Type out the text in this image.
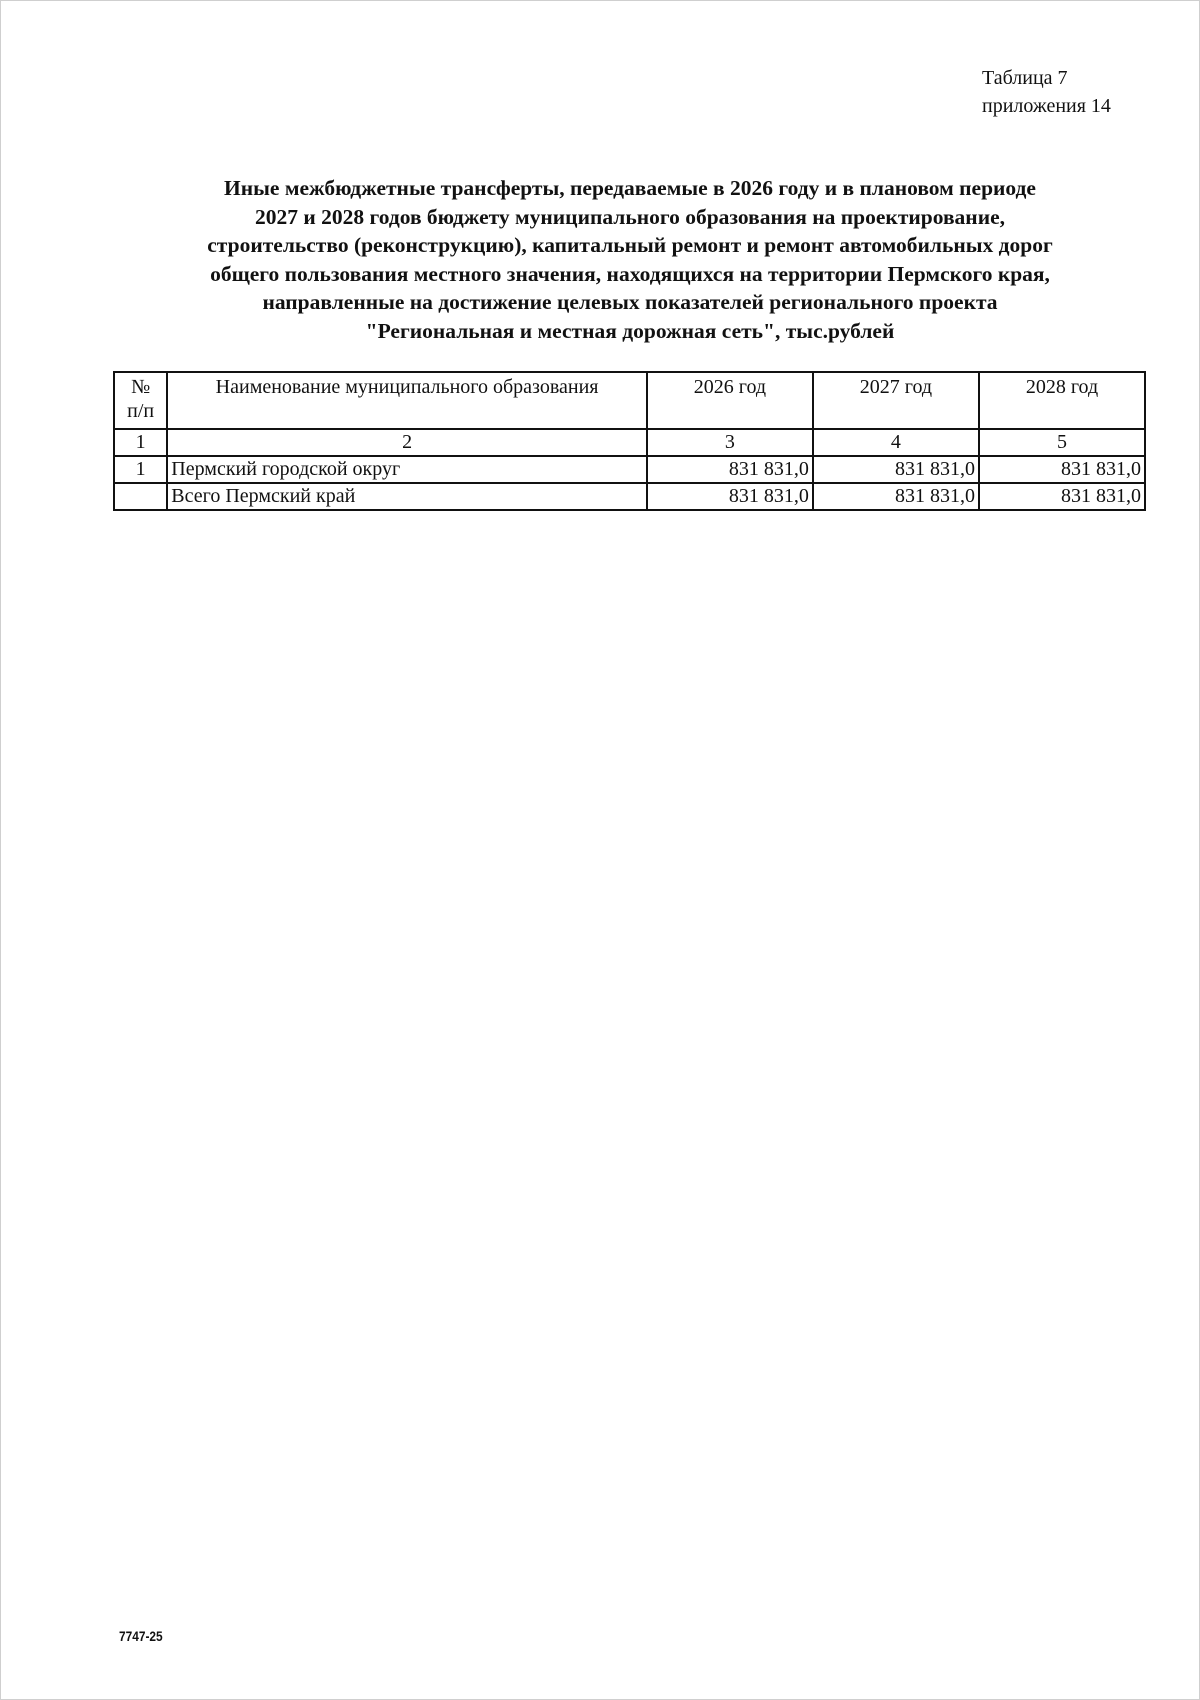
Таблица 7
приложения 14
Иные межбюджетные трансферты, передаваемые в 2026 году и в плановом периоде
2027 и 2028 годов бюджету муниципального образования на проектирование,
строительство (реконструкцию), капитальный ремонт и ремонт автомобильных дорог
общего пользования местного значения, находящихся на территории Пермского края,
направленные на достижение целевых показателей регионального проекта
"Региональная и местная дорожная сеть", тыс.рублей
№
п/п	Наименование муниципального образования	2026 год	2027 год	2028 год
1	2	3	4	5
1	Пермский городской округ	831 831,0	831 831,0	831 831,0
	Всего Пермский край	831 831,0	831 831,0	831 831,0
7747-25
